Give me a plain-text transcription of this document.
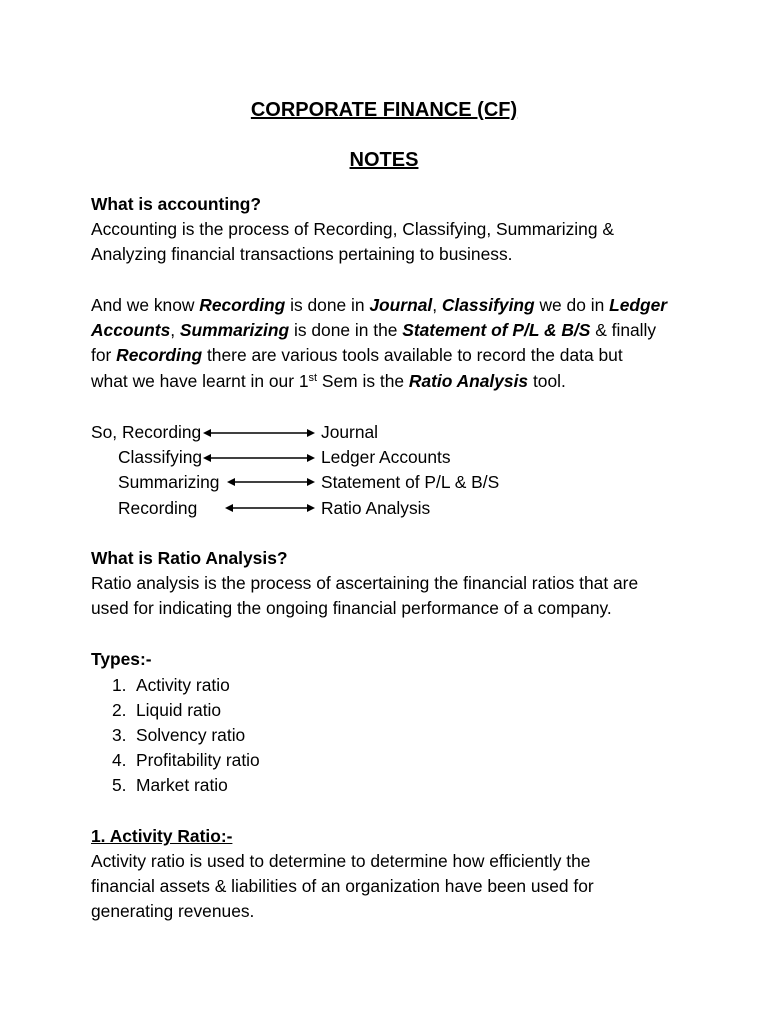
CORPORATE FINANCE (CF)
NOTES
What is accounting?
Accounting is the process of Recording, Classifying, Summarizing &
Analyzing financial transactions pertaining to business.
And we know Recording is done in Journal, Classifying we do in Ledger
Accounts, Summarizing is done in the Statement of P/L & B/S & finally
for Recording there are various tools available to record the data but
what we have learnt in our 1st Sem is the Ratio Analysis tool.
So, Recording	Journal
Classifying	Ledger Accounts
Summarizing	Statement of P/L & B/S
Recording	Ratio Analysis
What is Ratio Analysis?
Ratio analysis is the process of ascertaining the financial ratios that are
used for indicating the ongoing financial performance of a company.
Types:-
1. Activity ratio
2. Liquid ratio
3. Solvency ratio
4. Profitability ratio
5. Market ratio
1. Activity Ratio:-
Activity ratio is used to determine to determine how efficiently the
financial assets & liabilities of an organization have been used for
generating revenues.
